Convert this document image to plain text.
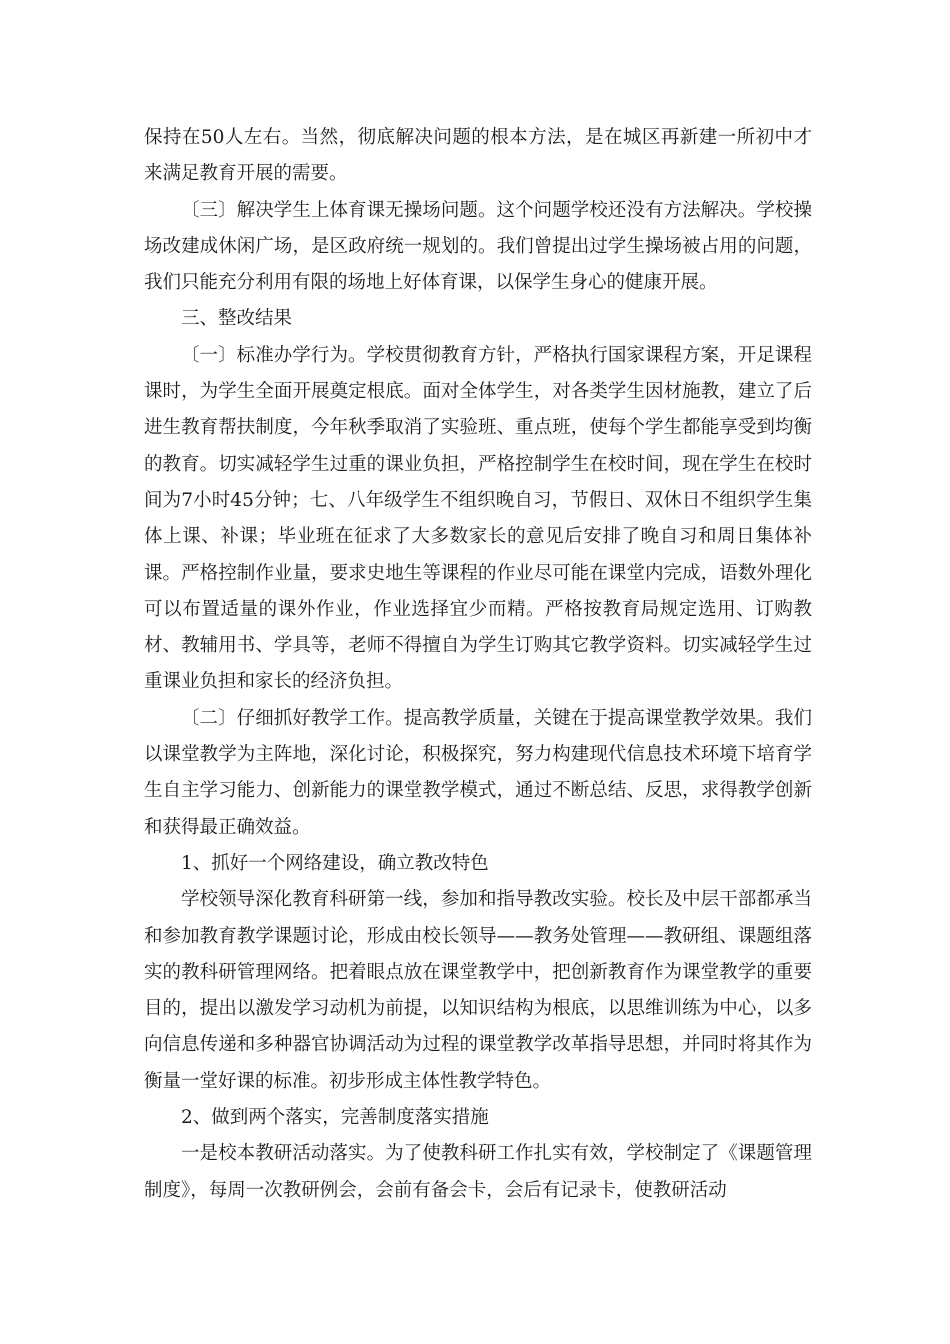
保持在50人左右。当然，彻底解决问题的根本方法，是在城区再新建一所初中才来满足教育开展的需要。

〔三〕解决学生上体育课无操场问题。这个问题学校还没有方法解决。学校操场改建成休闲广场，是区政府统一规划的。我们曾提出过学生操场被占用的问题，我们只能充分利用有限的场地上好体育课，以保学生身心的健康开展。

三、整改结果

〔一〕标准办学行为。学校贯彻教育方针，严格执行国家课程方案，开足课程课时，为学生全面开展奠定根底。面对全体学生，对各类学生因材施教，建立了后进生教育帮扶制度，今年秋季取消了实验班、重点班，使每个学生都能享受到均衡的教育。切实减轻学生过重的课业负担，严格控制学生在校时间，现在学生在校时间为7小时45分钟；七、八年级学生不组织晚自习，节假日、双休日不组织学生集体上课、补课；毕业班在征求了大多数家长的意见后安排了晚自习和周日集体补课。严格控制作业量，要求史地生等课程的作业尽可能在课堂内完成，语数外理化可以布置适量的课外作业，作业选择宜少而精。严格按教育局规定选用、订购教材、教辅用书、学具等，老师不得擅自为学生订购其它教学资料。切实减轻学生过重课业负担和家长的经济负担。

〔二〕仔细抓好教学工作。提高教学质量，关键在于提高课堂教学效果。我们以课堂教学为主阵地，深化讨论，积极探究，努力构建现代信息技术环境下培育学生自主学习能力、创新能力的课堂教学模式，通过不断总结、反思，求得教学创新和获得最正确效益。

1、抓好一个网络建设，确立教改特色

学校领导深化教育科研第一线，参加和指导教改实验。校长及中层干部都承当和参加教育教学课题讨论，形成由校长领导——教务处管理——教研组、课题组落实的教科研管理网络。把着眼点放在课堂教学中，把创新教育作为课堂教学的重要目的，提出以激发学习动机为前提，以知识结构为根底，以思维训练为中心，以多向信息传递和多种器官协调活动为过程的课堂教学改革指导思想，并同时将其作为衡量一堂好课的标准。初步形成主体性教学特色。

2、做到两个落实，完善制度落实措施

一是校本教研活动落实。为了使教科研工作扎实有效，学校制定了《课题管理制度》，每周一次教研例会，会前有备会卡，会后有记录卡，使教研活动
